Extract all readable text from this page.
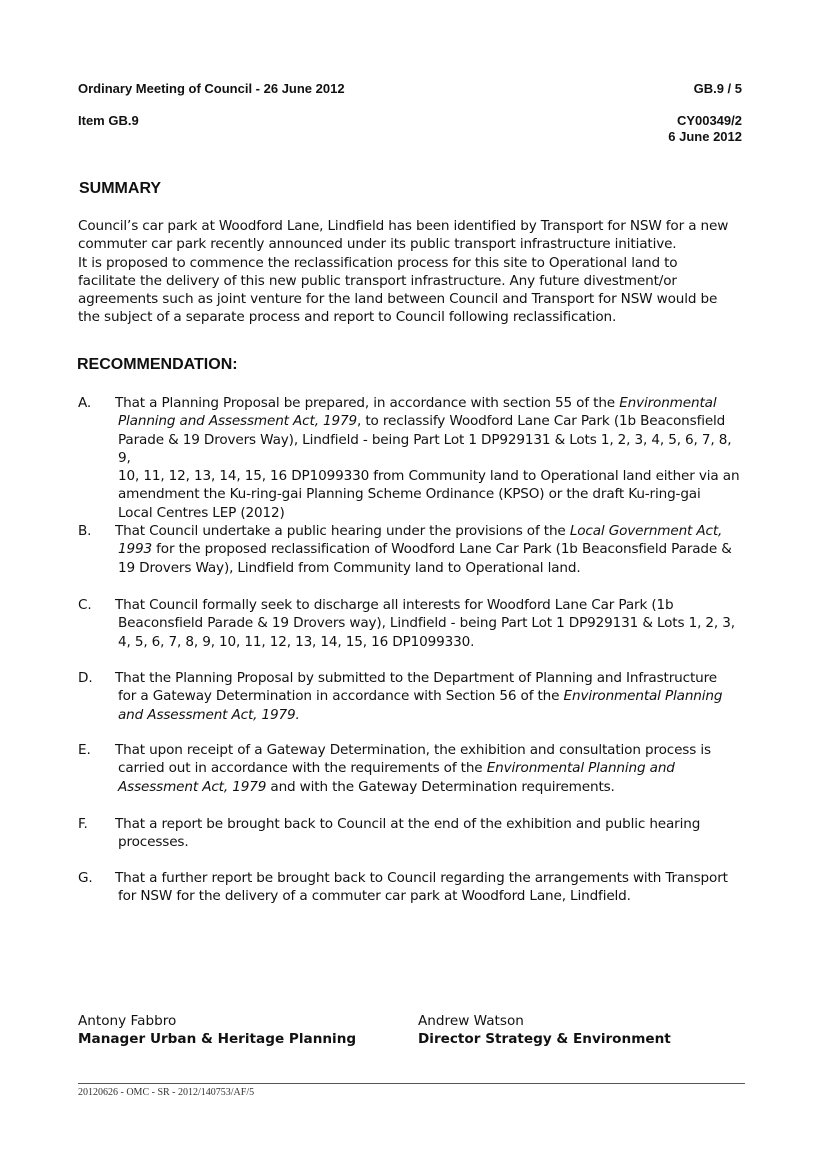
Ordinary Meeting of Council - 26 June 2012	GB.9 / 5
Item GB.9	CY00349/2
6 June 2012
SUMMARY
Council’s car park at Woodford Lane, Lindfield has been identified by Transport for NSW for a new
commuter car park recently announced under its public transport infrastructure initiative.
It is proposed to commence the reclassification process for this site to Operational land to
facilitate the delivery of this new public transport infrastructure. Any future divestment/or
agreements such as joint venture for the land between Council and Transport for NSW would be
the subject of a separate process and report to Council following reclassification.
RECOMMENDATION:
A.	That a Planning Proposal be prepared, in accordance with section 55 of the Environmental
Planning and Assessment Act, 1979, to reclassify Woodford Lane Car Park (1b Beaconsfield
Parade & 19 Drovers Way), Lindfield - being Part Lot 1 DP929131 & Lots 1, 2, 3, 4, 5, 6, 7, 8, 9,
10, 11, 12, 13, 14, 15, 16 DP1099330 from Community land to Operational land either via an
amendment the Ku-ring-gai Planning Scheme Ordinance (KPSO) or the draft Ku-ring-gai
Local Centres LEP (2012)
B.	That Council undertake a public hearing under the provisions of the Local Government Act,
1993 for the proposed reclassification of Woodford Lane Car Park (1b Beaconsfield Parade &
19 Drovers Way), Lindfield from Community land to Operational land.
C.	That Council formally seek to discharge all interests for Woodford Lane Car Park (1b
Beaconsfield Parade & 19 Drovers way), Lindfield - being Part Lot 1 DP929131 & Lots 1, 2, 3,
4, 5, 6, 7, 8, 9, 10, 11, 12, 13, 14, 15, 16 DP1099330.
D.	That the Planning Proposal by submitted to the Department of Planning and Infrastructure
for a Gateway Determination in accordance with Section 56 of the Environmental Planning
and Assessment Act, 1979.
E.	That upon receipt of a Gateway Determination, the exhibition and consultation process is
carried out in accordance with the requirements of the Environmental Planning and
Assessment Act, 1979 and with the Gateway Determination requirements.
F.	That a report be brought back to Council at the end of the exhibition and public hearing
processes.
G.	That a further report be brought back to Council regarding the arrangements with Transport
for NSW for the delivery of a commuter car park at Woodford Lane, Lindfield.
Antony Fabbro
Manager Urban & Heritage Planning
Andrew Watson
Director Strategy & Environment
20120626 - OMC - SR - 2012/140753/AF/5
